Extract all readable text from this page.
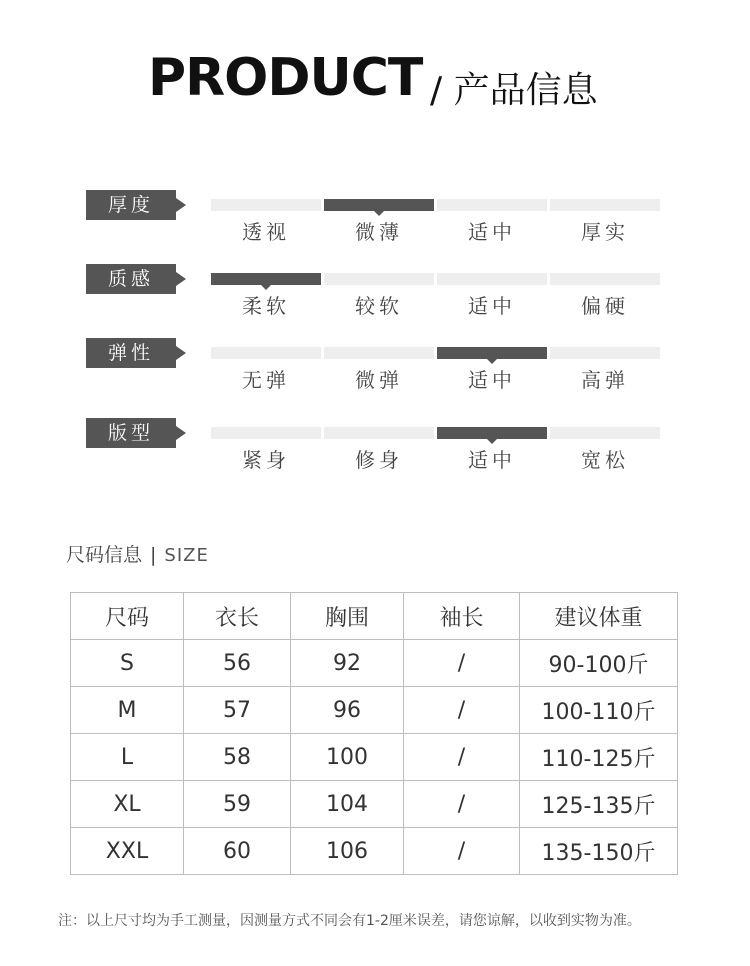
PRODUCT / 产品信息
厚度
透视	微薄	适中	厚实
质感
柔软	较软	适中	偏硬
弹性
无弹	微弹	适中	高弹
版型
紧身	修身	适中	宽松
尺码信息 | SIZE
尺码	衣长	胸围	袖长	建议体重
S	56	92	/	90-100斤
M	57	96	/	100-110斤
L	58	100	/	110-125斤
XL	59	104	/	125-135斤
XXL	60	106	/	135-150斤
注：以上尺寸均为手工测量，因测量方式不同会有1-2厘米误差，请您谅解，以收到实物为准。
